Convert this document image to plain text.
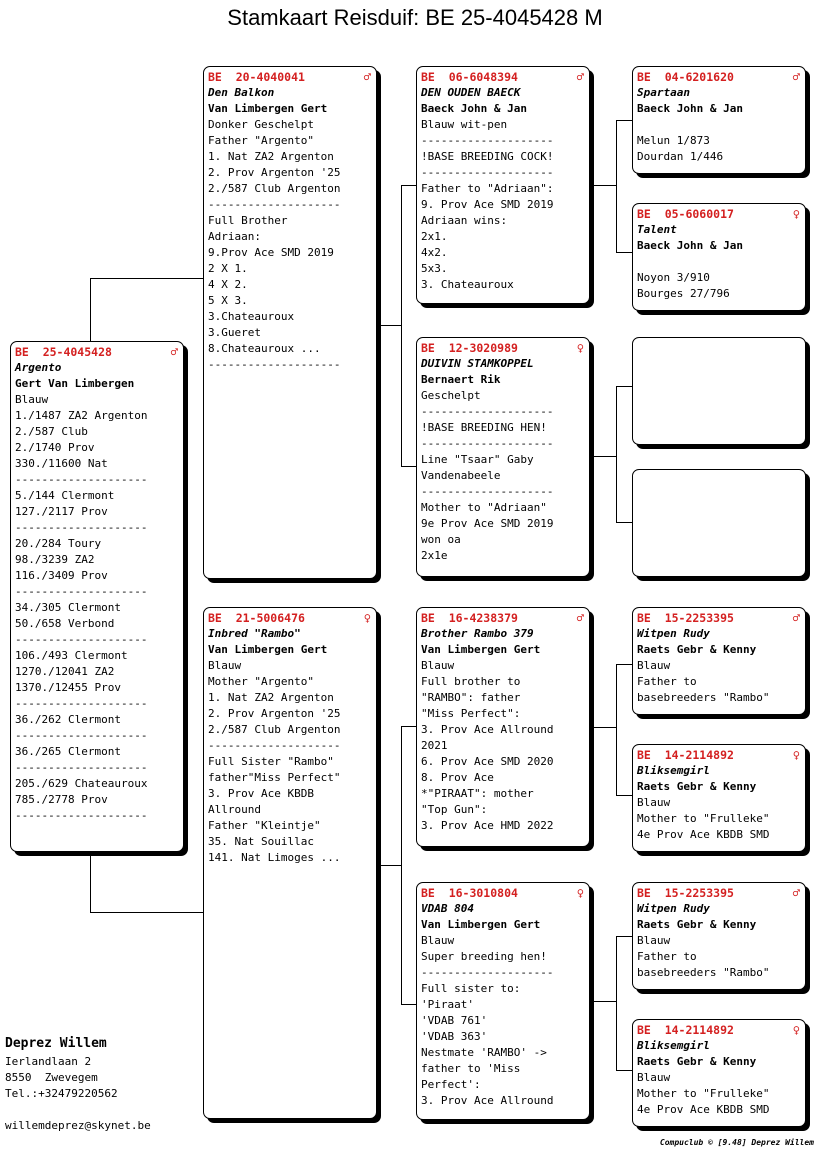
Stamkaart Reisduif: BE 25-4045428 M
BE  25-4045428	♂
Argento
Gert Van Limbergen
Blauw
1./1487 ZA2 Argenton
2./587 Club
2./1740 Prov
330./11600 Nat
--------------------
5./144 Clermont
127./2117 Prov
--------------------
20./284 Toury
98./3239 ZA2
116./3409 Prov
--------------------
34./305 Clermont
50./658 Verbond
--------------------
106./493 Clermont
1270./12041 ZA2
1370./12455 Prov
--------------------
36./262 Clermont
--------------------
36./265 Clermont
--------------------
205./629 Chateauroux
785./2778 Prov
--------------------
BE  20-4040041	♂
Den Balkon
Van Limbergen Gert
Donker Geschelpt
Father "Argento"
1. Nat ZA2 Argenton
2. Prov Argenton '25
2./587 Club Argenton
--------------------
Full Brother
Adriaan:
9.Prov Ace SMD 2019
2 X 1.
4 X 2.
5 X 3.
3.Chateauroux
3.Gueret
8.Chateauroux ...
--------------------
BE  21-5006476	♀
Inbred "Rambo"
Van Limbergen Gert
Blauw
Mother "Argento"
1. Nat ZA2 Argenton
2. Prov Argenton '25
2./587 Club Argenton
--------------------
Full Sister "Rambo"
father"Miss Perfect"
3. Prov Ace KBDB
Allround
Father "Kleintje"
35. Nat Souillac
141. Nat Limoges ...
BE  06-6048394	♂
DEN OUDEN BAECK
Baeck John & Jan
Blauw wit-pen
--------------------
!BASE BREEDING COCK!
--------------------
Father to "Adriaan":
9. Prov Ace SMD 2019
Adriaan wins:
2x1.
4x2.
5x3.
3. Chateauroux
BE  12-3020989	♀
DUIVIN STAMKOPPEL
Bernaert Rik
Geschelpt
--------------------
!BASE BREEDING HEN!
--------------------
Line "Tsaar" Gaby
Vandenabeele
--------------------
Mother to "Adriaan"
9e Prov Ace SMD 2019
won oa
2x1e
BE  16-4238379	♂
Brother Rambo 379
Van Limbergen Gert
Blauw
Full brother to
"RAMBO": father
"Miss Perfect":
3. Prov Ace Allround
2021
6. Prov Ace SMD 2020
8. Prov Ace
*"PIRAAT": mother
"Top Gun":
3. Prov Ace HMD 2022
BE  16-3010804	♀
VDAB 804
Van Limbergen Gert
Blauw
Super breeding hen!
--------------------
Full sister to:
'Piraat'
'VDAB 761'
'VDAB 363'
Nestmate 'RAMBO' ->
father to 'Miss
Perfect':
3. Prov Ace Allround
BE  04-6201620	♂
Spartaan
Baeck John & Jan
Melun 1/873
Dourdan 1/446
BE  05-6060017	♀
Talent
Baeck John & Jan
Noyon 3/910
Bourges 27/796
BE  15-2253395	♂
Witpen Rudy
Raets Gebr & Kenny
Blauw
Father to
basebreeders "Rambo"
BE  14-2114892	♀
Bliksemgirl
Raets Gebr & Kenny
Blauw
Mother to "Frulleke"
4e Prov Ace KBDB SMD
BE  15-2253395	♂
Witpen Rudy
Raets Gebr & Kenny
Blauw
Father to
basebreeders "Rambo"
BE  14-2114892	♀
Bliksemgirl
Raets Gebr & Kenny
Blauw
Mother to "Frulleke"
4e Prov Ace KBDB SMD
Deprez Willem
Ierlandlaan 2
8550  Zwevegem
Tel.:+32479220562
willemdeprez@skynet.be
Compuclub © [9.48] Deprez Willem
